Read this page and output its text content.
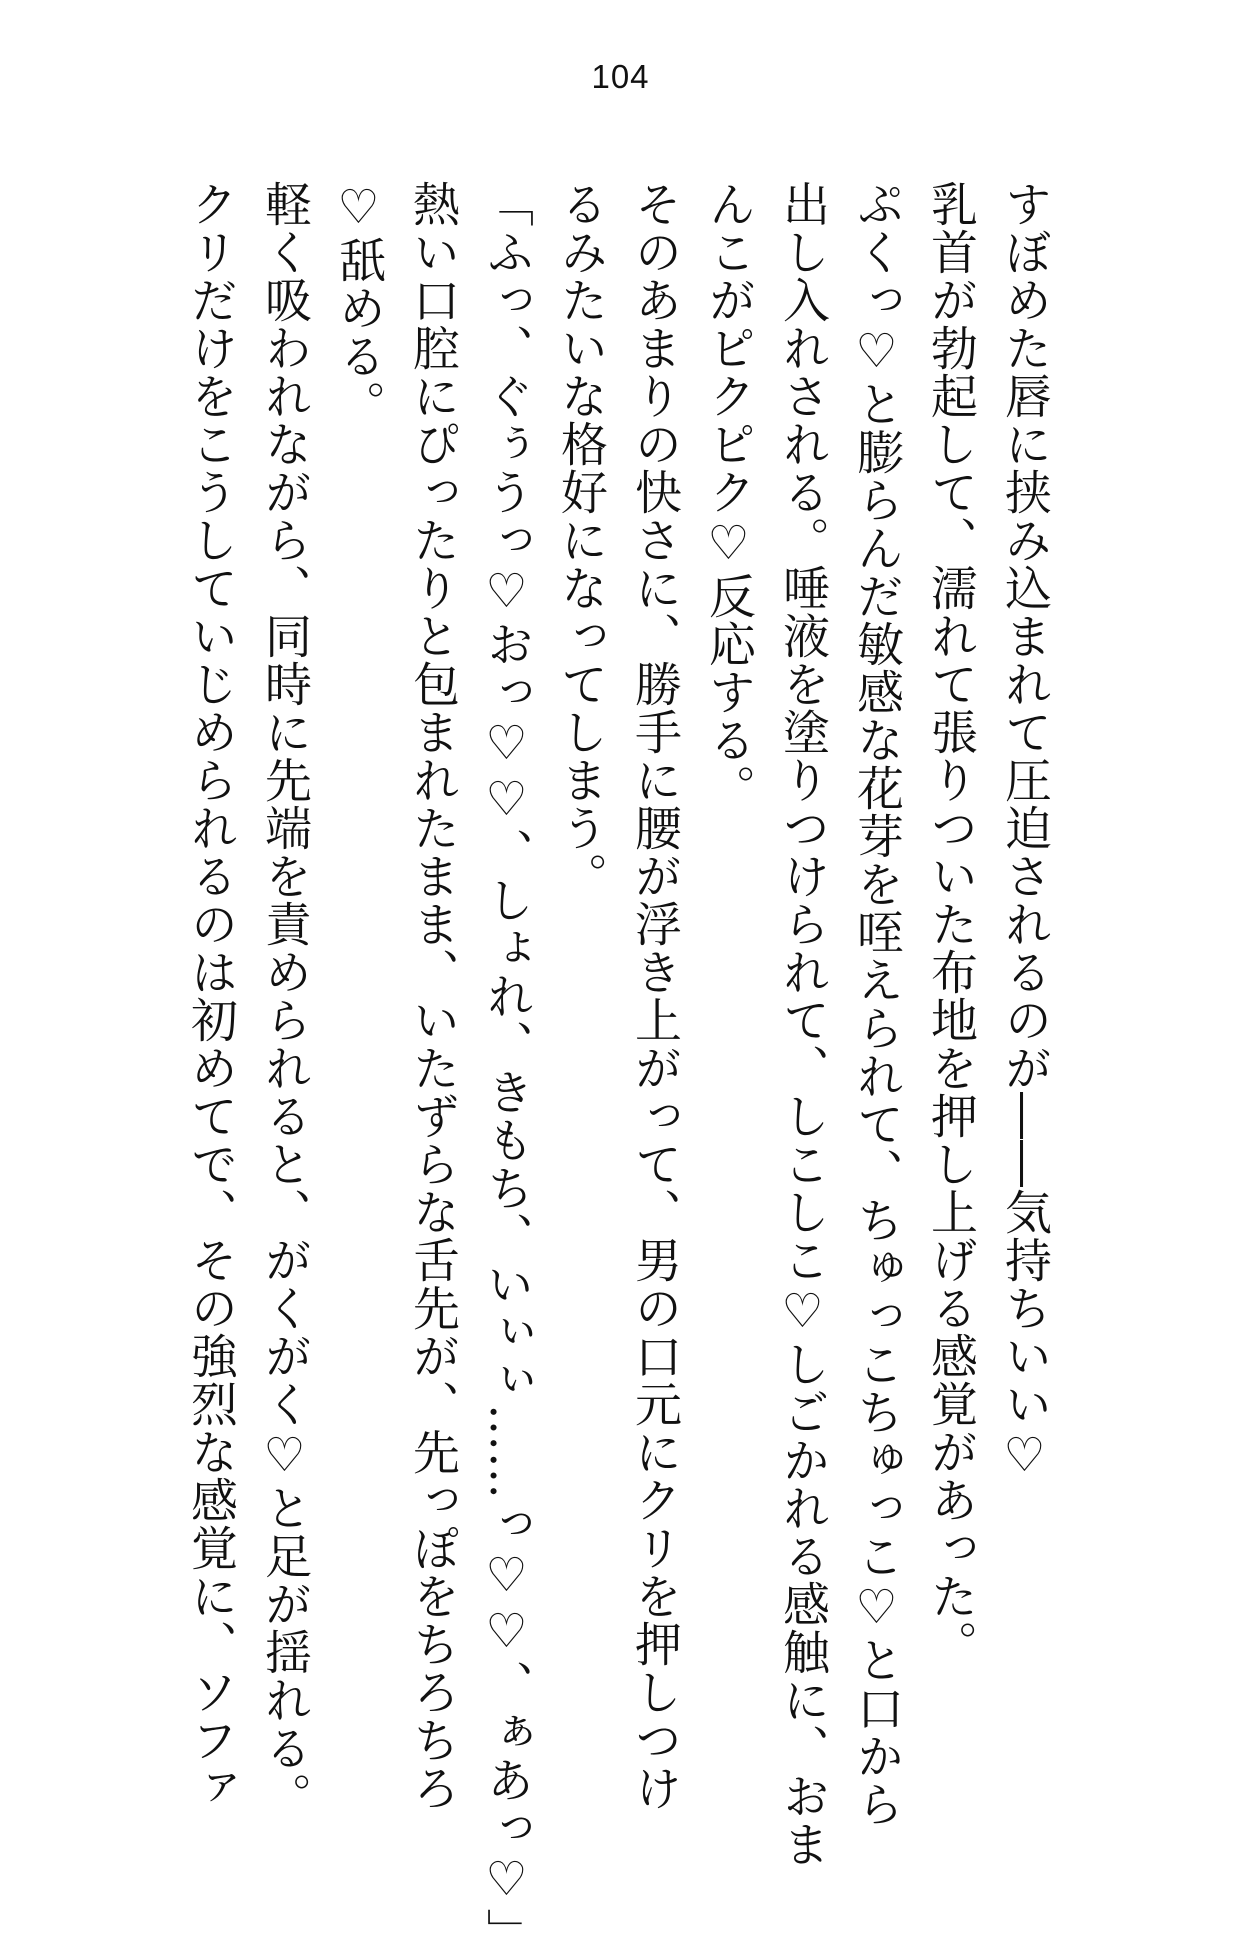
104
すぼめた唇に挟み込まれて圧迫されるのが――気持ちいい♡
乳首が勃起して、濡れて張りついた布地を押し上げる感覚があった。
ぷくっ♡と膨らんだ敏感な花芽を咥えられて、ちゅっこちゅっこ♡と口から
出し入れされる。唾液を塗りつけられて、しこしこ♡しごかれる感触に、おま
んこがピクピク♡反応する。
そのあまりの快さに、勝手に腰が浮き上がって、男の口元にクリを押しつけ
るみたいな格好になってしまう。
「ふっ、ぐぅうっ♡おっ♡♡、しょれ、きもち、いぃぃ……っ♡♡、ぁあっ♡」
熱い口腔にぴったりと包まれたまま、いたずらな舌先が、先っぽをちろちろ
♡舐める。
軽く吸われながら、同時に先端を責められると、がくがく♡と足が揺れる。
クリだけをこうしていじめられるのは初めてで、その強烈な感覚に、ソファ
